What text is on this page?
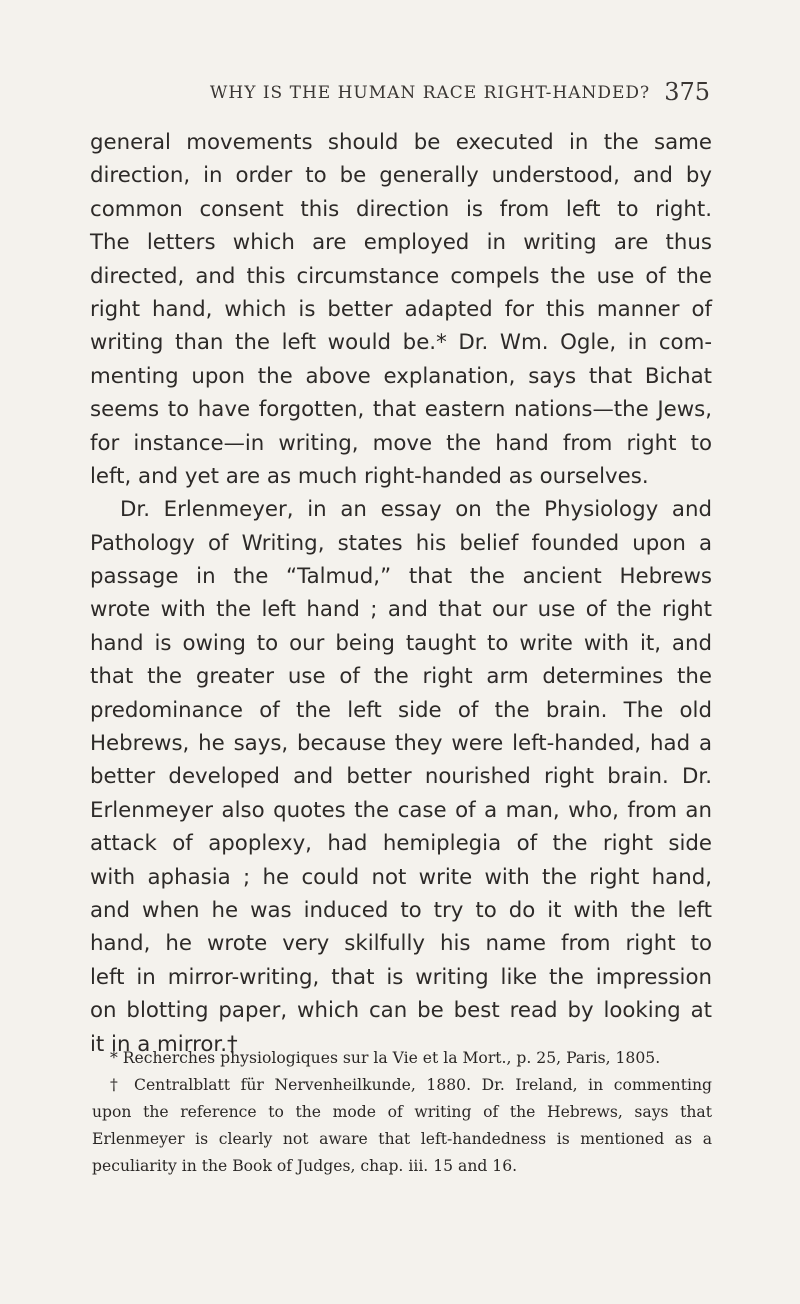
WHY IS THE HUMAN RACE RIGHT-HANDED? 375
general movements should be executed in the same
direction, in order to be generally understood, and by
common consent this direction is from left to right.
The letters which are employed in writing are thus
directed, and this circumstance compels the use of the
right hand, which is better adapted for this manner of
writing than the left would be.* Dr. Wm. Ogle, in com-
menting upon the above explanation, says that Bichat
seems to have forgotten, that eastern nations—the Jews,
for instance—in writing, move the hand from right to
left, and yet are as much right-handed as ourselves.
Dr. Erlenmeyer, in an essay on the Physiology and
Pathology of Writing, states his belief founded upon a
passage in the “Talmud,” that the ancient Hebrews
wrote with the left hand ; and that our use of the right
hand is owing to our being taught to write with it, and
that the greater use of the right arm determines the
predominance of the left side of the brain. The old
Hebrews, he says, because they were left-handed, had a
better developed and better nourished right brain. Dr.
Erlenmeyer also quotes the case of a man, who, from an
attack of apoplexy, had hemiplegia of the right side
with aphasia ; he could not write with the right hand,
and when he was induced to try to do it with the left
hand, he wrote very skilfully his name from right to
left in mirror-writing, that is writing like the impression
on blotting paper, which can be best read by looking at
it in a mirror.†
* Recherches physiologiques sur la Vie et la Mort., p. 25, Paris, 1805.
† Centralblatt für Nervenheilkunde, 1880. Dr. Ireland, in commenting
upon the reference to the mode of writing of the Hebrews, says that
Erlenmeyer is clearly not aware that left-handedness is mentioned as a
peculiarity in the Book of Judges, chap. iii. 15 and 16.
